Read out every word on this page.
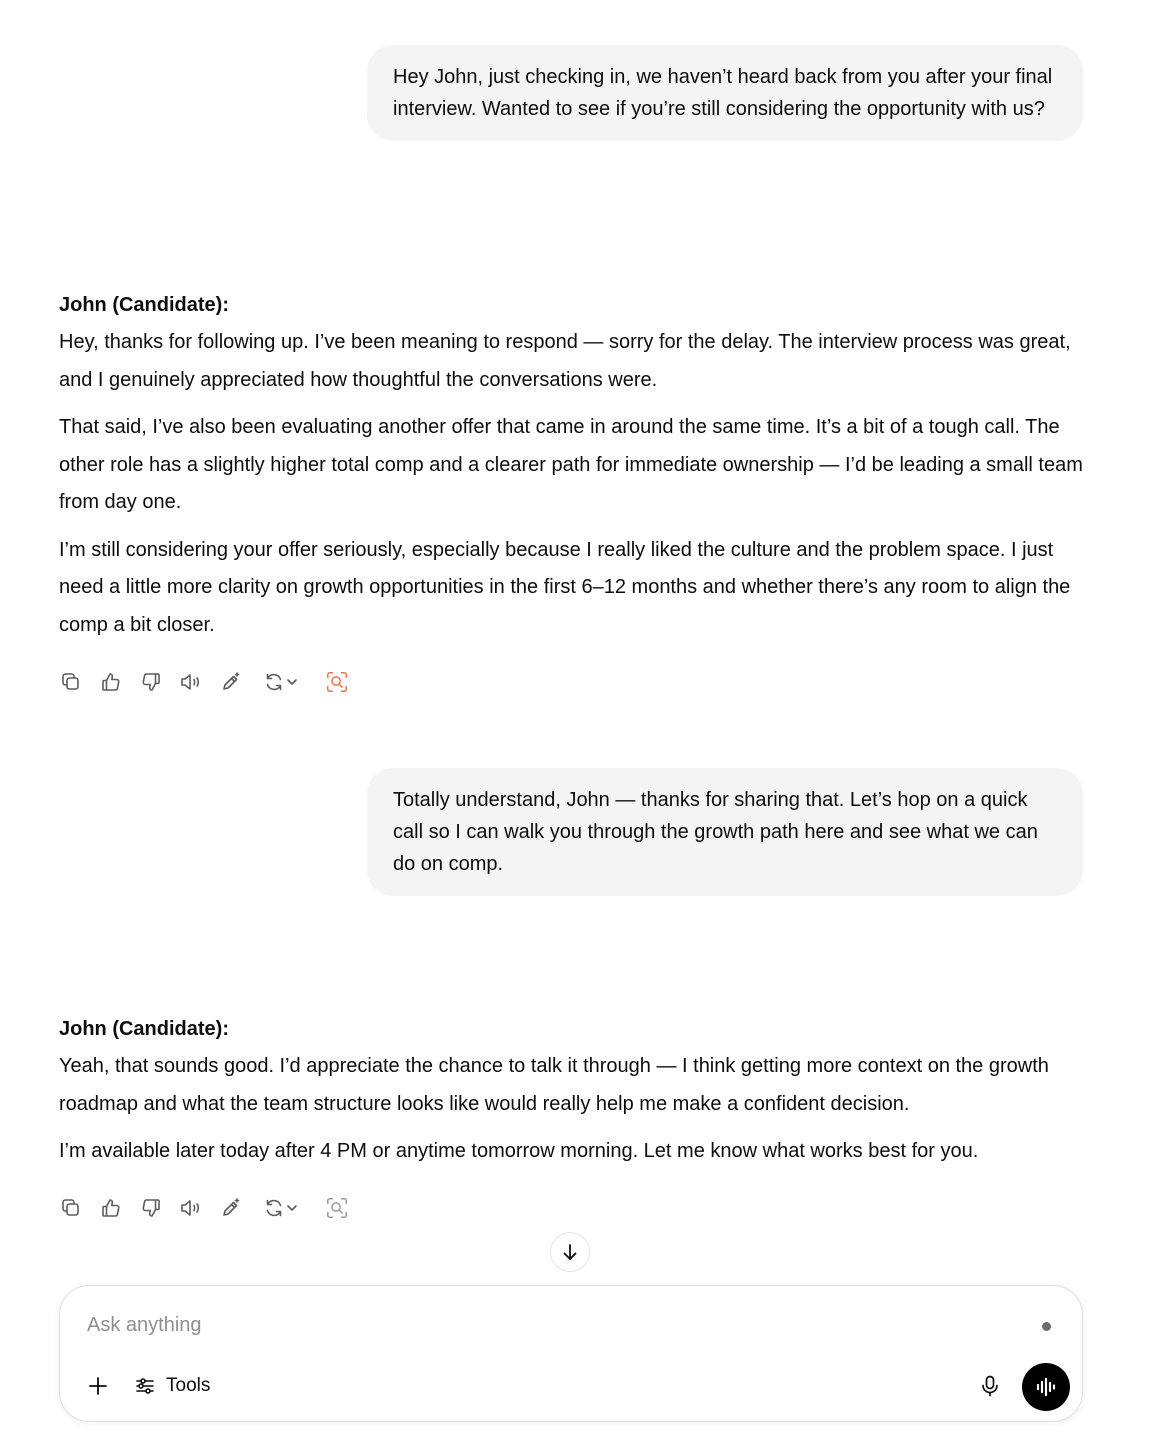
Hey John, just checking in, we haven’t heard back from you after your final interview. Wanted to see if you’re still considering the opportunity with us?
John (Candidate):

Hey, thanks for following up. I’ve been meaning to respond — sorry for the delay. The interview process was great, and I genuinely appreciated how thoughtful the conversations were.

That said, I’ve also been evaluating another offer that came in around the same time. It’s a bit of a tough call. The other role has a slightly higher total comp and a clearer path for immediate ownership — I’d be leading a small team from day one.

I’m still considering your offer seriously, especially because I really liked the culture and the problem space. I just need a little more clarity on growth opportunities in the first 6–12 months and whether there’s any room to align the comp a bit closer.

Totally understand, John — thanks for sharing that. Let’s hop on a quick call so I can walk you through the growth path here and see what we can do on comp.
John (Candidate):

Yeah, that sounds good. I’d appreciate the chance to talk it through — I think getting more context on the growth roadmap and what the team structure looks like would really help me make a confident decision.

I’m available later today after 4 PM or anytime tomorrow morning. Let me know what works best for you.

Ask anything
Tools
